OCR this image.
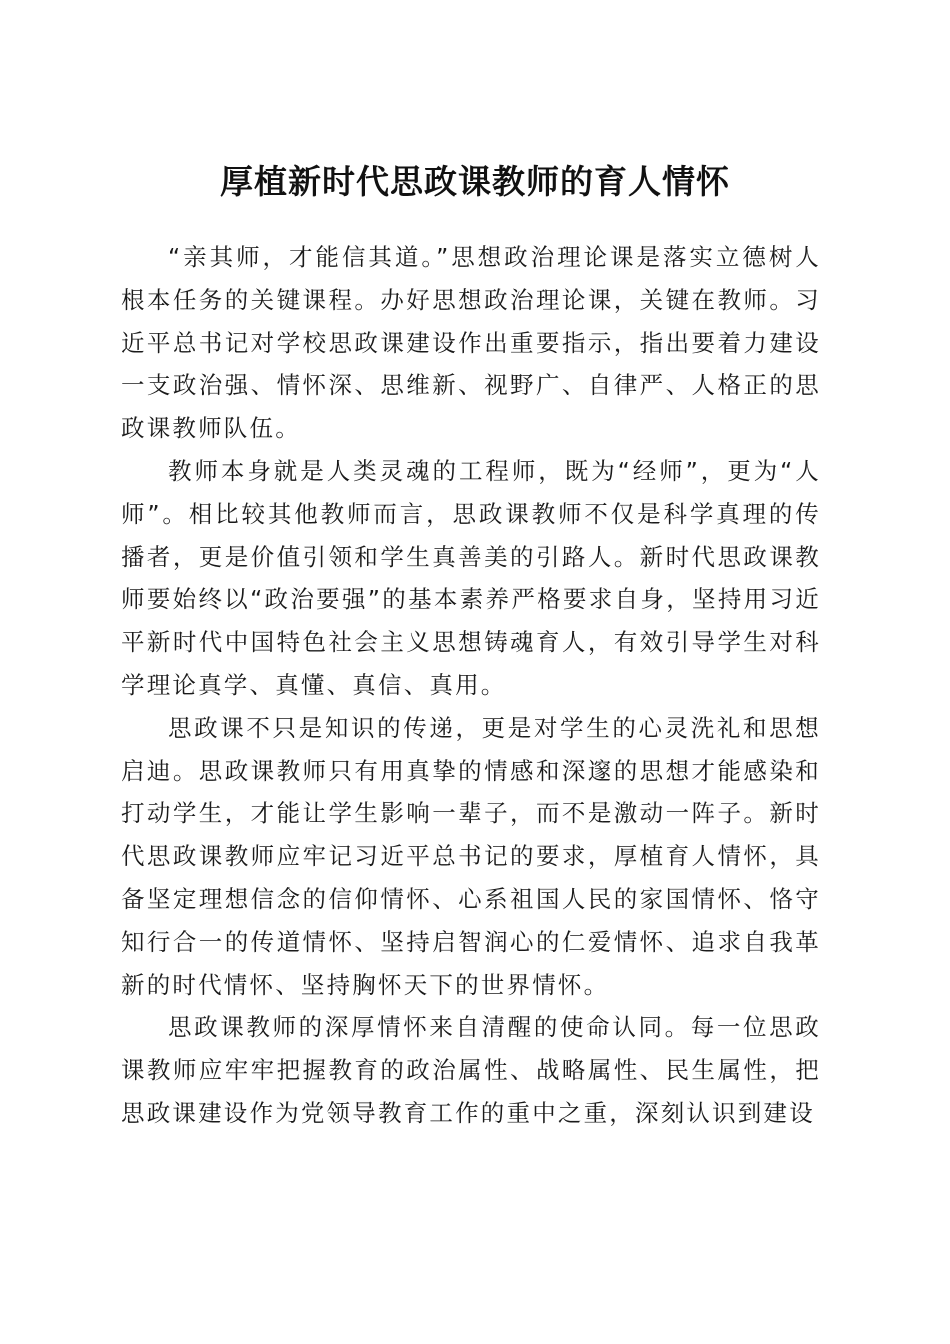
厚植新时代思政课教师的育人情怀

“亲其师，才能信其道。”思想政治理论课是落实立德树人根本任务的关键课程。办好思想政治理论课，关键在教师。习近平总书记对学校思政课建设作出重要指示，指出要着力建设一支政治强、情怀深、思维新、视野广、自律严、人格正的思政课教师队伍。

教师本身就是人类灵魂的工程师，既为“经师”，更为“人师”。相比较其他教师而言，思政课教师不仅是科学真理的传播者，更是价值引领和学生真善美的引路人。新时代思政课教师要始终以“政治要强”的基本素养严格要求自身，坚持用习近平新时代中国特色社会主义思想铸魂育人，有效引导学生对科学理论真学、真懂、真信、真用。

思政课不只是知识的传递，更是对学生的心灵洗礼和思想启迪。思政课教师只有用真挚的情感和深邃的思想才能感染和打动学生，才能让学生影响一辈子，而不是激动一阵子。新时代思政课教师应牢记习近平总书记的要求，厚植育人情怀，具备坚定理想信念的信仰情怀、心系祖国人民的家国情怀、恪守知行合一的传道情怀、坚持启智润心的仁爱情怀、追求自我革新的时代情怀、坚持胸怀天下的世界情怀。

思政课教师的深厚情怀来自清醒的使命认同。每一位思政课教师应牢牢把握教育的政治属性、战略属性、民生属性，把思政课建设作为党领导教育工作的重中之重，深刻认识到建设
